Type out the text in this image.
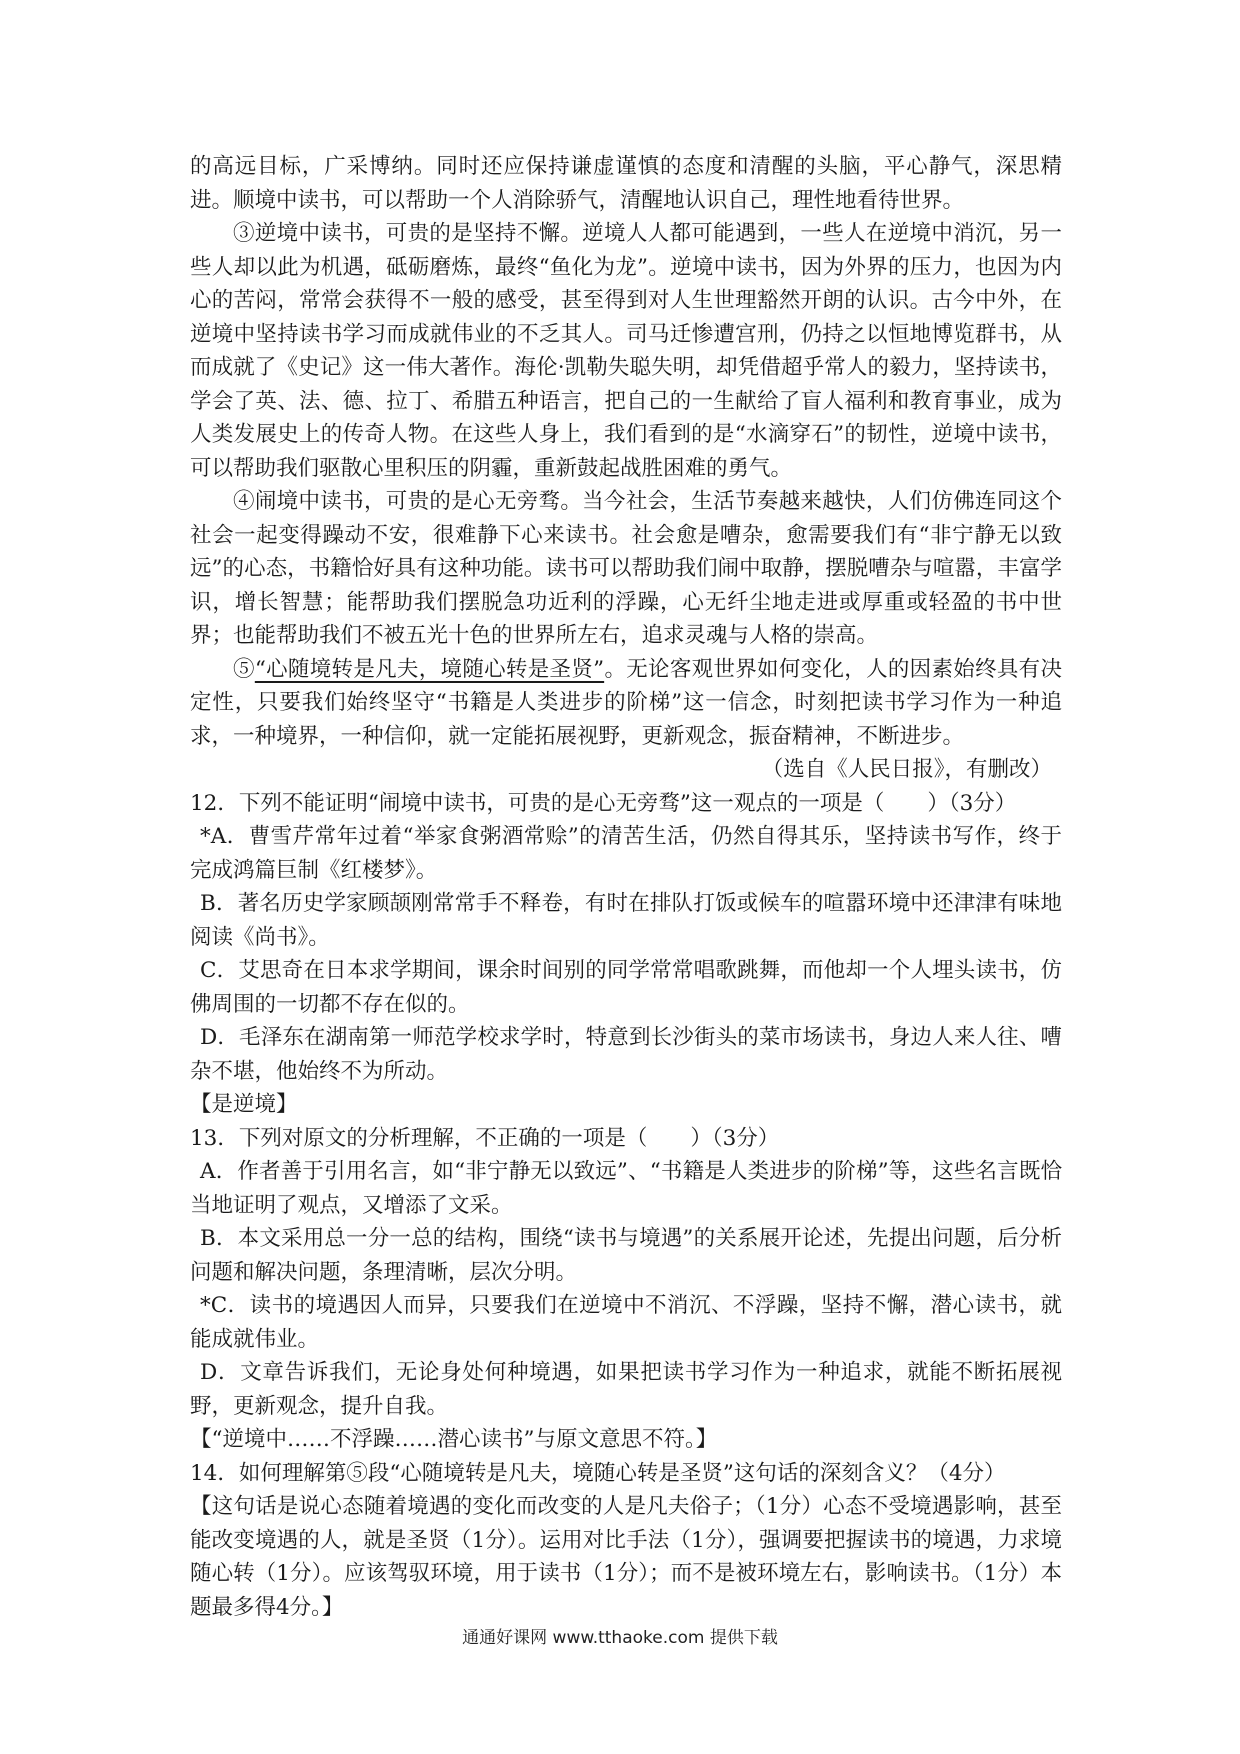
的高远目标，广采博纳。同时还应保持谦虚谨慎的态度和清醒的头脑，平心静气，深思精进。顺境中读书，可以帮助一个人消除骄气，清醒地认识自己，理性地看待世界。

③逆境中读书，可贵的是坚持不懈。逆境人人都可能遇到，一些人在逆境中消沉，另一些人却以此为机遇，砥砺磨炼，最终“鱼化为龙”。逆境中读书，因为外界的压力，也因为内心的苦闷，常常会获得不一般的感受，甚至得到对人生世理豁然开朗的认识。古今中外，在逆境中坚持读书学习而成就伟业的不乏其人。司马迁惨遭宫刑，仍持之以恒地博览群书，从而成就了《史记》这一伟大著作。海伦·凯勒失聪失明，却凭借超乎常人的毅力，坚持读书，学会了英、法、德、拉丁、希腊五种语言，把自己的一生献给了盲人福利和教育事业，成为人类发展史上的传奇人物。在这些人身上，我们看到的是“水滴穿石”的韧性，逆境中读书，可以帮助我们驱散心里积压的阴霾，重新鼓起战胜困难的勇气。

④闹境中读书，可贵的是心无旁骛。当今社会，生活节奏越来越快，人们仿佛连同这个社会一起变得躁动不安，很难静下心来读书。社会愈是嘈杂，愈需要我们有“非宁静无以致远”的心态，书籍恰好具有这种功能。读书可以帮助我们闹中取静，摆脱嘈杂与喧嚣，丰富学识，增长智慧；能帮助我们摆脱急功近利的浮躁，心无纤尘地走进或厚重或轻盈的书中世界；也能帮助我们不被五光十色的世界所左右，追求灵魂与人格的崇高。

⑤“心随境转是凡夫，境随心转是圣贤”。无论客观世界如何变化，人的因素始终具有决定性，只要我们始终坚守“书籍是人类进步的阶梯”这一信念，时刻把读书学习作为一种追求，一种境界，一种信仰，就一定能拓展视野，更新观念，振奋精神，不断进步。

（选自《人民日报》，有删改）

12．下列不能证明“闹境中读书，可贵的是心无旁骛”这一观点的一项是（　　）（3分）

*A．曹雪芹常年过着“举家食粥酒常赊”的清苦生活，仍然自得其乐，坚持读书写作，终于完成鸿篇巨制《红楼梦》。

B．著名历史学家顾颉刚常常手不释卷，有时在排队打饭或候车的喧嚣环境中还津津有味地阅读《尚书》。

C．艾思奇在日本求学期间，课余时间别的同学常常唱歌跳舞，而他却一个人埋头读书，仿佛周围的一切都不存在似的。

D．毛泽东在湖南第一师范学校求学时，特意到长沙街头的菜市场读书，身边人来人往、嘈杂不堪，他始终不为所动。

【是逆境】

13．下列对原文的分析理解，不正确的一项是（　　）（3分）

A．作者善于引用名言，如“非宁静无以致远”、“书籍是人类进步的阶梯”等，这些名言既恰当地证明了观点，又增添了文采。

B．本文采用总一分一总的结构，围绕“读书与境遇”的关系展开论述，先提出问题，后分析问题和解决问题，条理清晰，层次分明。

*C．读书的境遇因人而异，只要我们在逆境中不消沉、不浮躁，坚持不懈，潜心读书，就能成就伟业。

D．文章告诉我们，无论身处何种境遇，如果把读书学习作为一种追求，就能不断拓展视野，更新观念，提升自我。

【“逆境中……不浮躁……潜心读书”与原文意思不符。】

14．如何理解第⑤段“心随境转是凡夫，境随心转是圣贤”这句话的深刻含义？（4分）

【这句话是说心态随着境遇的变化而改变的人是凡夫俗子；（1分）心态不受境遇影响，甚至能改变境遇的人，就是圣贤（1分）。运用对比手法（1分），强调要把握读书的境遇，力求境随心转（1分）。应该驾驭环境，用于读书（1分）；而不是被环境左右，影响读书。（1分）本题最多得4分。】

通通好课网 www.tthaoke.com 提供下载
